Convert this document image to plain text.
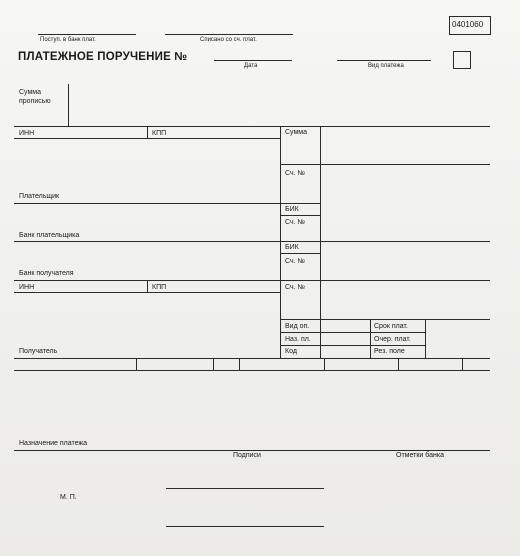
0401060
Поступ. в банк плат.	Списано со сч. плат.
ПЛАТЕЖНОЕ ПОРУЧЕНИЕ №
Дата	Вид платежа
Сумма прописью
ИНН	КПП	Сумма
Сч. №
Плательщик
БИК
Сч. №
Банк плательщика
БИК
Сч. №
Банк получателя
ИНН	КПП	Сч. №
Вид оп.	Срок плат.
Наз. пл.	Очер. плат.
Код	Рез. поле
Получатель
Назначение платежа
Подписи	Отметки банка
М. П.
